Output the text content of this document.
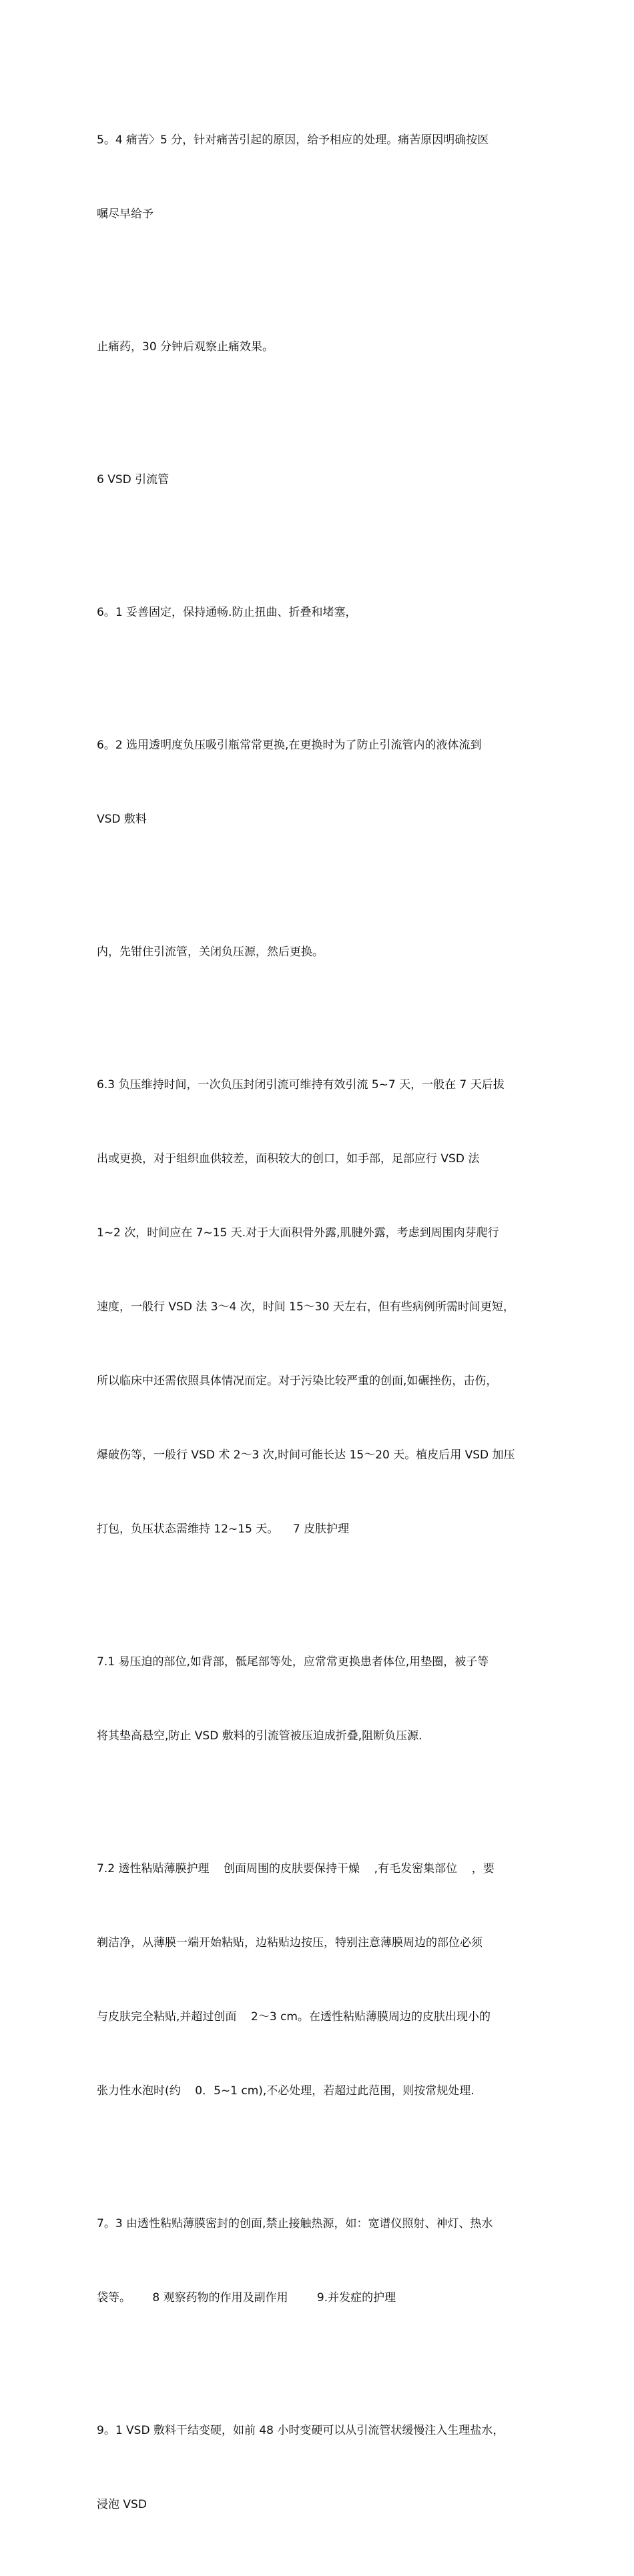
5。4 痛苦〉5 分，针对痛苦引起的原因，给予相应的处理。痛苦原因明确按医

嘱尽早给予

止痛药，30 分钟后观察止痛效果。

6 VSD 引流管

6。1 妥善固定，保持通畅.防止扭曲、折叠和堵塞，

6。2 选用透明度负压吸引瓶常常更换,在更换时为了防止引流管内的液体流到

VSD 敷料

内，先钳住引流管，关闭负压源，然后更换。

6.3 负压维持时间，一次负压封闭引流可维持有效引流 5~7 天，一般在 7 天后拔

出或更换，对于组织血供较差，面积较大的创口，如手部，足部应行 VSD 法

1~2 次，时间应在 7~15 天.对于大面积骨外露,肌腱外露，考虑到周围肉芽爬行

速度，一般行 VSD 法 3～4 次，时间 15～30 天左右，但有些病例所需时间更短，

所以临床中还需依照具体情况而定。对于污染比较严重的创面,如碾挫伤，击伤，

爆破伤等，一般行 VSD 术 2～3 次,时间可能长达 15～20 天。植皮后用 VSD 加压

打包，负压状态需维持 12~15 天。    7 皮肤护理

7.1 易压迫的部位,如背部，骶尾部等处，应常常更换患者体位,用垫圈，被子等

将其垫高悬空,防止 VSD 敷料的引流管被压迫成折叠,阻断负压源.

7.2 透性粘贴薄膜护理    创面周围的皮肤要保持干燥    ,有毛发密集部位    ，要

剃洁净，从薄膜一端开始粘贴，边粘贴边按压，特别注意薄膜周边的部位必须

与皮肤完全粘贴,并超过创面    2～3 cm。在透性粘贴薄膜周边的皮肤出现小的

张力性水泡时(约    0．5~1 cm),不必处理，若超过此范围，则按常规处理.

7。3 由透性粘贴薄膜密封的创面,禁止接触热源，如：宽谱仪照射、神灯、热水

袋等。      8 观察药物的作用及副作用        9.并发症的护理

9。1 VSD 敷料干结变硬，如前 48 小时变硬可以从引流管状缓慢注入生理盐水，

浸泡 VSD
